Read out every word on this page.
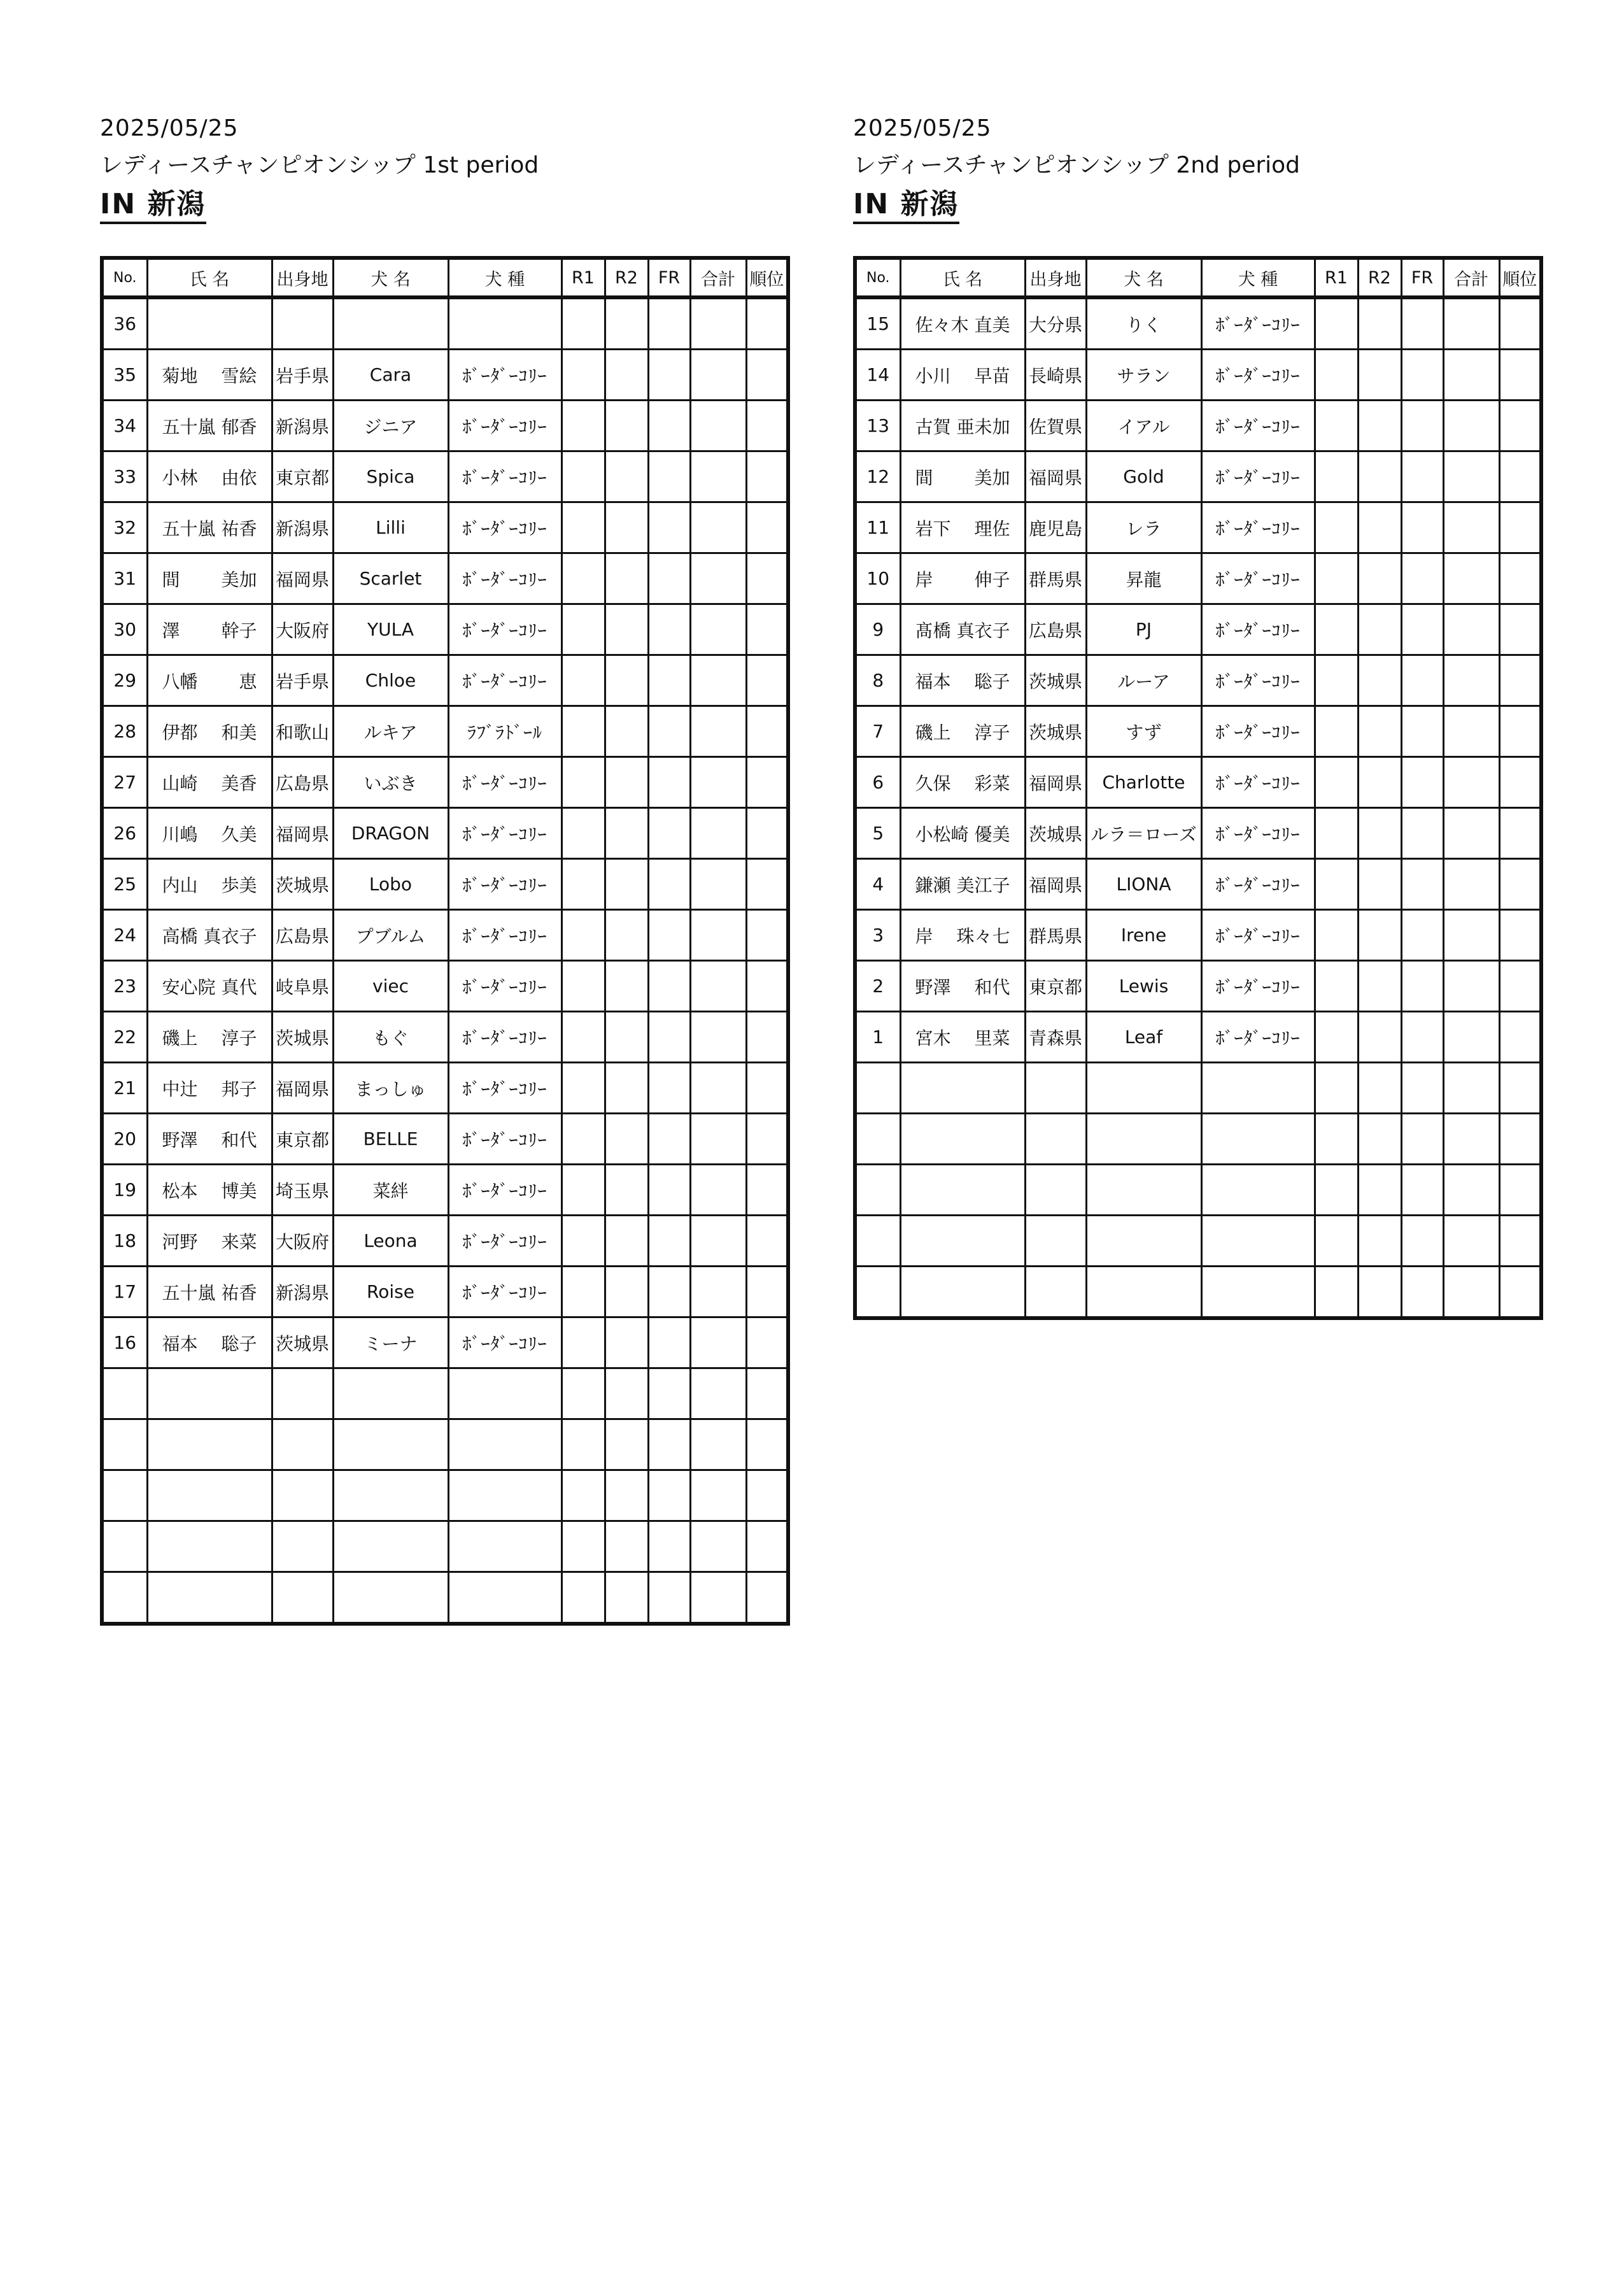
2025/05/25
レディースチャンピオンシップ 1st period
IN 新潟
No.	氏 名	出身地	犬 名	犬 種	R1	R2	FR	合計	順位
36									
35	菊地　 雪絵	岩手県	Cara	ﾎﾞｰﾀﾞｰｺﾘｰ					
34	五十嵐 郁香	新潟県	ジニア	ﾎﾞｰﾀﾞｰｺﾘｰ					
33	小林　 由依	東京都	Spica	ﾎﾞｰﾀﾞｰｺﾘｰ					
32	五十嵐 祐香	新潟県	Lilli	ﾎﾞｰﾀﾞｰｺﾘｰ					
31	間　　 美加	福岡県	Scarlet	ﾎﾞｰﾀﾞｰｺﾘｰ					
30	澤　　 幹子	大阪府	YULA	ﾎﾞｰﾀﾞｰｺﾘｰ					
29	八幡　　 恵	岩手県	Chloe	ﾎﾞｰﾀﾞｰｺﾘｰ					
28	伊都　 和美	和歌山	ルキア	ﾗﾌﾞﾗﾄﾞｰﾙ					
27	山崎　 美香	広島県	いぶき	ﾎﾞｰﾀﾞｰｺﾘｰ					
26	川嶋　 久美	福岡県	DRAGON	ﾎﾞｰﾀﾞｰｺﾘｰ					
25	内山　 歩美	茨城県	Lobo	ﾎﾞｰﾀﾞｰｺﾘｰ					
24	高橋 真衣子	広島県	プブルム	ﾎﾞｰﾀﾞｰｺﾘｰ					
23	安心院 真代	岐阜県	viec	ﾎﾞｰﾀﾞｰｺﾘｰ					
22	磯上　 淳子	茨城県	もぐ	ﾎﾞｰﾀﾞｰｺﾘｰ					
21	中辻　 邦子	福岡県	まっしゅ	ﾎﾞｰﾀﾞｰｺﾘｰ					
20	野澤　 和代	東京都	BELLE	ﾎﾞｰﾀﾞｰｺﾘｰ					
19	松本　 博美	埼玉県	菜絆	ﾎﾞｰﾀﾞｰｺﾘｰ					
18	河野　 来菜	大阪府	Leona	ﾎﾞｰﾀﾞｰｺﾘｰ					
17	五十嵐 祐香	新潟県	Roise	ﾎﾞｰﾀﾞｰｺﾘｰ					
16	福本　 聡子	茨城県	ミーナ	ﾎﾞｰﾀﾞｰｺﾘｰ					

2025/05/25
レディースチャンピオンシップ 2nd period
IN 新潟
No.	氏 名	出身地	犬 名	犬 種	R1	R2	FR	合計	順位
15	佐々木 直美	大分県	りく	ﾎﾞｰﾀﾞｰｺﾘｰ					
14	小川　 早苗	長崎県	サラン	ﾎﾞｰﾀﾞｰｺﾘｰ					
13	古賀 亜未加	佐賀県	イアル	ﾎﾞｰﾀﾞｰｺﾘｰ					
12	間　　 美加	福岡県	Gold	ﾎﾞｰﾀﾞｰｺﾘｰ					
11	岩下　 理佐	鹿児島	レラ	ﾎﾞｰﾀﾞｰｺﾘｰ					
10	岸　　 伸子	群馬県	昇龍	ﾎﾞｰﾀﾞｰｺﾘｰ					
9	髙橋 真衣子	広島県	PJ	ﾎﾞｰﾀﾞｰｺﾘｰ					
8	福本　 聡子	茨城県	ルーア	ﾎﾞｰﾀﾞｰｺﾘｰ					
7	磯上　 淳子	茨城県	すず	ﾎﾞｰﾀﾞｰｺﾘｰ					
6	久保　 彩菜	福岡県	Charlotte	ﾎﾞｰﾀﾞｰｺﾘｰ					
5	小松崎 優美	茨城県	ルラ＝ローズ	ﾎﾞｰﾀﾞｰｺﾘｰ					
4	鎌瀬 美江子	福岡県	LIONA	ﾎﾞｰﾀﾞｰｺﾘｰ					
3	岸　 珠々七	群馬県	Irene	ﾎﾞｰﾀﾞｰｺﾘｰ					
2	野澤　 和代	東京都	Lewis	ﾎﾞｰﾀﾞｰｺﾘｰ					
1	宮木　 里菜	青森県	Leaf	ﾎﾞｰﾀﾞｰｺﾘｰ					
